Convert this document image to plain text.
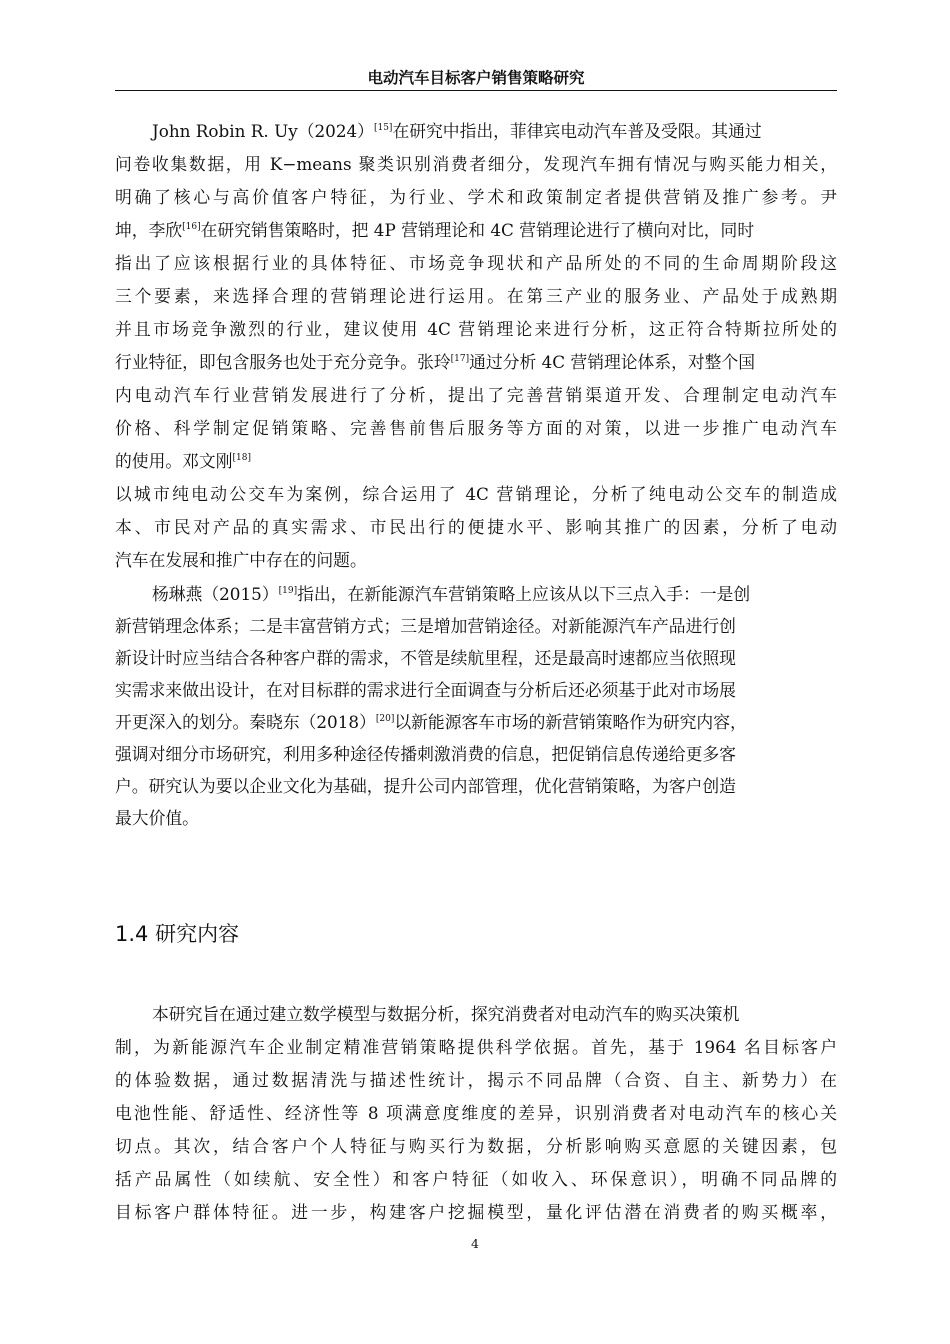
电动汽车目标客户销售策略研究
John Robin R. Uy（2024）[15]在研究中指出，菲律宾电动汽车普及受限。其通过
问卷收集数据，用 K−means 聚类识别消费者细分，发现汽车拥有情况与购买能力相关，
明确了核心与高价值客户特征，为行业、学术和政策制定者提供营销及推广参考。尹
坤，李欣[16]在研究销售策略时，把 4P 营销理论和 4C 营销理论进行了横向对比，同时
指出了应该根据行业的具体特征、市场竞争现状和产品所处的不同的生命周期阶段这
三个要素，来选择合理的营销理论进行运用。在第三产业的服务业、产品处于成熟期
并且市场竞争激烈的行业，建议使用 4C 营销理论来进行分析，这正符合特斯拉所处的
行业特征，即包含服务也处于充分竞争。张玲[17]通过分析 4C 营销理论体系，对整个国
内电动汽车行业营销发展进行了分析，提出了完善营销渠道开发、合理制定电动汽车
价格、科学制定促销策略、完善售前售后服务等方面的对策，以进一步推广电动汽车
的使用。邓文刚[18]
以城市纯电动公交车为案例，综合运用了 4C 营销理论，分析了纯电动公交车的制造成
本、市民对产品的真实需求、市民出行的便捷水平、影响其推广的因素，分析了电动
汽车在发展和推广中存在的问题。
杨琳燕（2015）[19]指出，在新能源汽车营销策略上应该从以下三点入手：一是创
新营销理念体系；二是丰富营销方式；三是增加营销途径。对新能源汽车产品进行创
新设计时应当结合各种客户群的需求，不管是续航里程，还是最高时速都应当依照现
实需求来做出设计，在对目标群的需求进行全面调查与分析后还必须基于此对市场展
开更深入的划分。秦晓东（2018）[20]以新能源客车市场的新营销策略作为研究内容，
强调对细分市场研究，利用多种途径传播刺激消费的信息，把促销信息传递给更多客
户。研究认为要以企业文化为基础，提升公司内部管理，优化营销策略，为客户创造
最大价值。
1.4 研究内容
本研究旨在通过建立数学模型与数据分析，探究消费者对电动汽车的购买决策机
制，为新能源汽车企业制定精准营销策略提供科学依据。首先，基于 1964 名目标客户
的体验数据，通过数据清洗与描述性统计，揭示不同品牌（合资、自主、新势力）在
电池性能、舒适性、经济性等 8 项满意度维度的差异，识别消费者对电动汽车的核心关
切点。其次，结合客户个人特征与购买行为数据，分析影响购买意愿的关键因素，包
括产品属性（如续航、安全性）和客户特征（如收入、环保意识），明确不同品牌的
目标客户群体特征。进一步，构建客户挖掘模型，量化评估潜在消费者的购买概率，
4
